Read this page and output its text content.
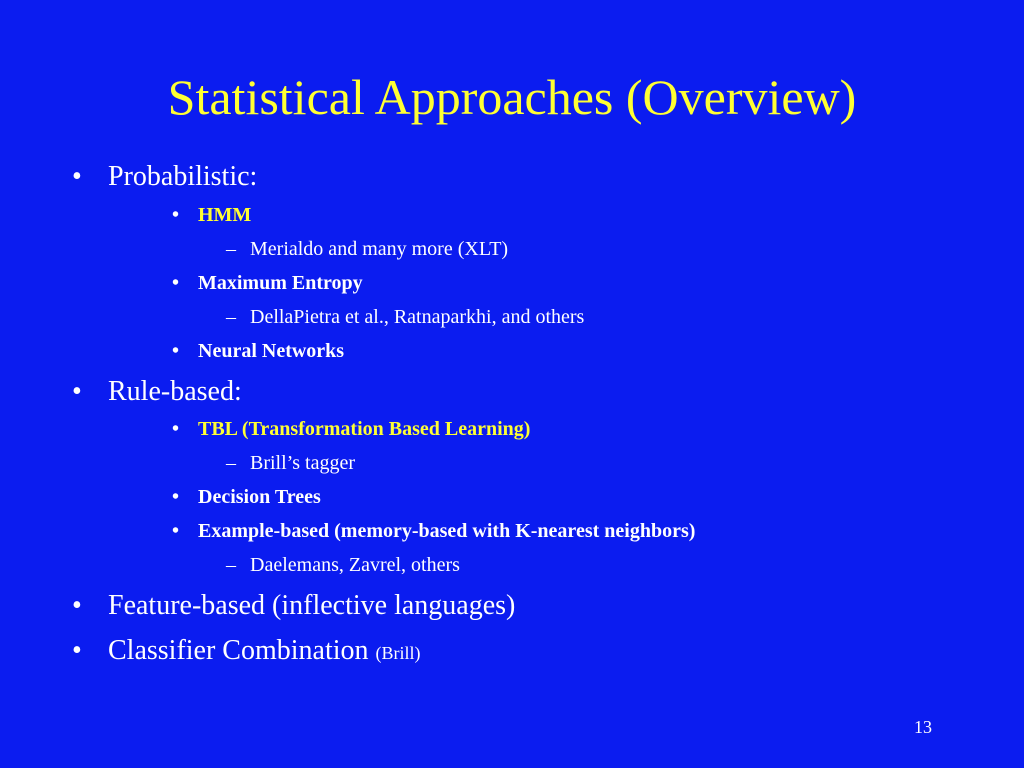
Statistical Approaches (Overview)
• Probabilistic:
• HMM
– Merialdo and many more (XLT)
• Maximum Entropy
– DellaPietra et al., Ratnaparkhi, and others
• Neural Networks
• Rule-based:
• TBL (Transformation Based Learning)
– Brill’s tagger
• Decision Trees
• Example-based (memory-based with K-nearest neighbors)
– Daelemans, Zavrel, others
• Feature-based (inflective languages)
• Classifier Combination (Brill)
13
